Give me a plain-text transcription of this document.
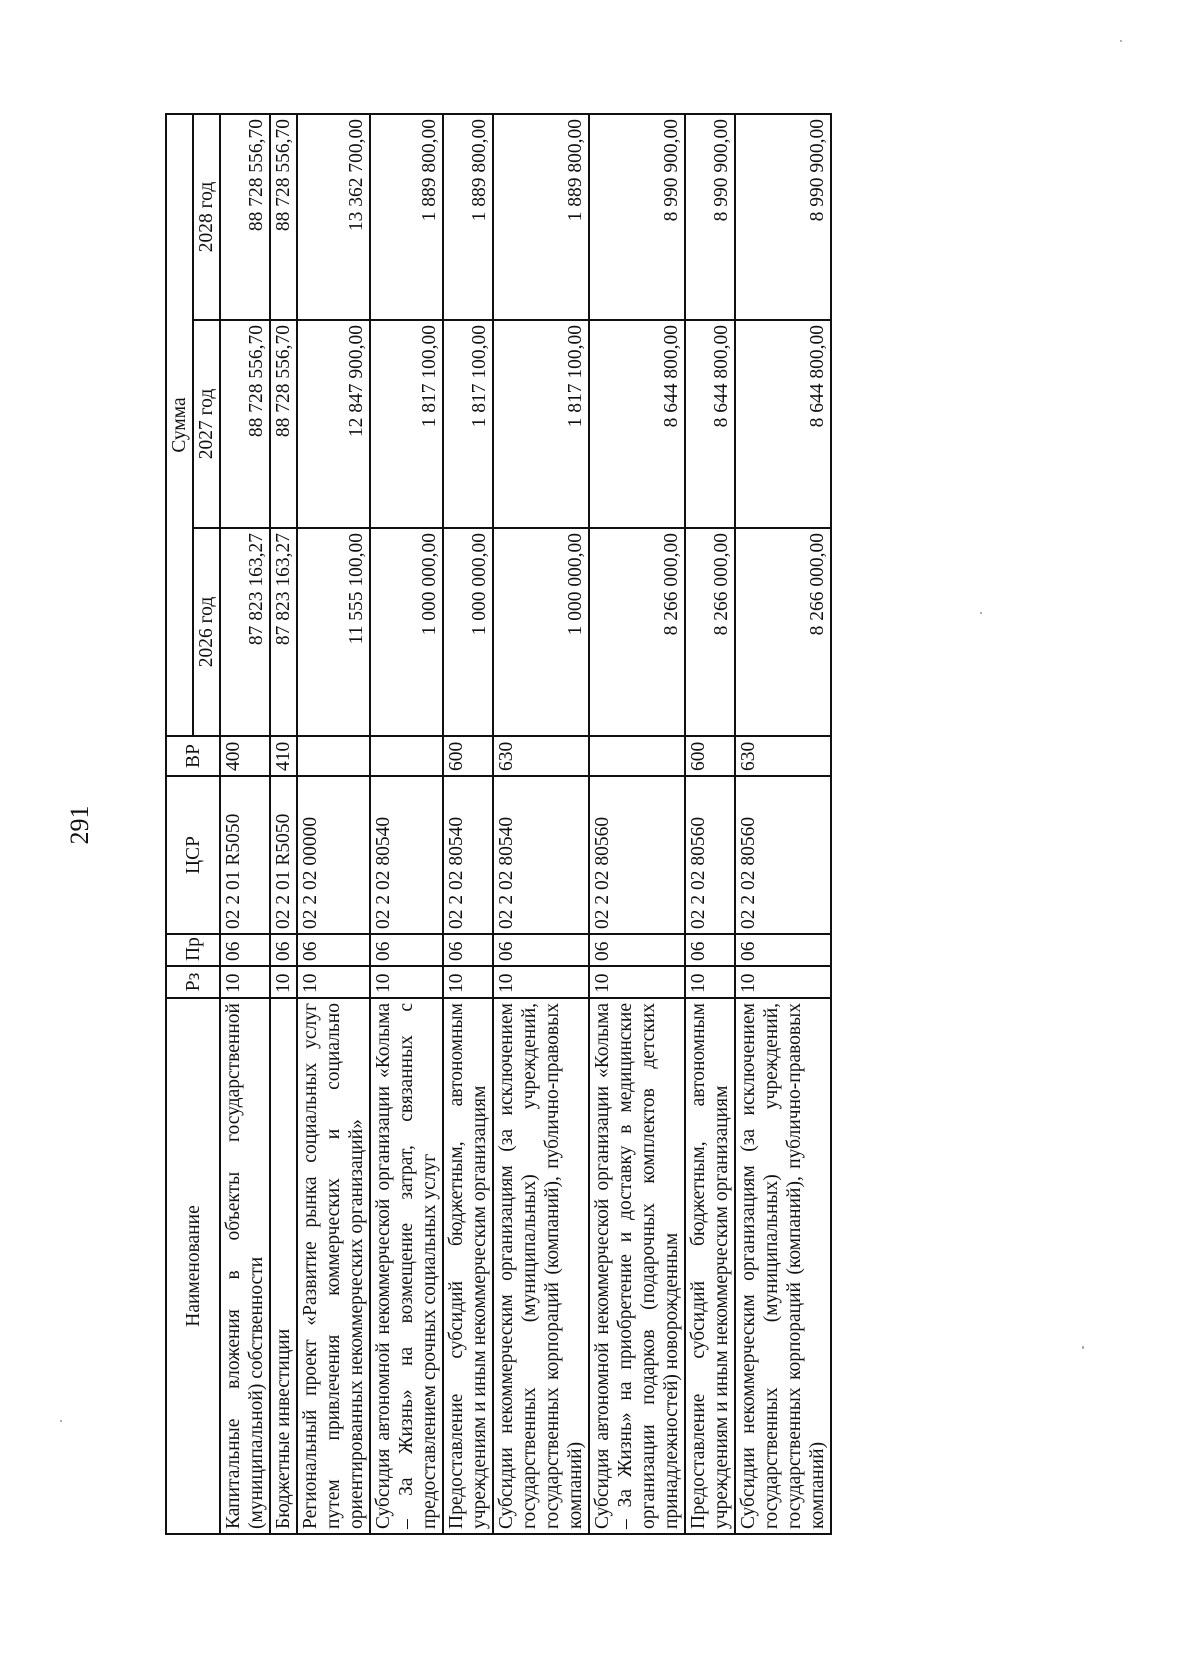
291
Наименование	Рз	Пр	ЦСР	ВР	Сумма		
					2026 год	2027 год	2028 год
Капитальные вложения в объекты государственной (муниципальной) собственности	10	06	02 2 01 R5050	400	87 823 163,27	88 728 556,70	88 728 556,70
Бюджетные инвестиции	10	06	02 2 01 R5050	410	87 823 163,27	88 728 556,70	88 728 556,70
Региональный проект «Развитие рынка социальных услуг путем привлечения коммерческих и социально ориентированных некоммерческих организаций»	10	06	02 2 02 00000		11 555 100,00	12 847 900,00	13 362 700,00
Субсидия автономной некоммерческой организации «Колыма – За Жизнь» на возмещение затрат, связанных с предоставлением срочных социальных услуг	10	06	02 2 02 80540		1 000 000,00	1 817 100,00	1 889 800,00
Предоставление субсидий бюджетным, автономным учреждениям и иным некоммерческим организациям	10	06	02 2 02 80540	600	1 000 000,00	1 817 100,00	1 889 800,00
Субсидии некоммерческим организациям (за исключением государственных (муниципальных) учреждений, государственных корпораций (компаний), публично-правовых компаний)	10	06	02 2 02 80540	630	1 000 000,00	1 817 100,00	1 889 800,00
Субсидия автономной некоммерческой организации «Колыма – За Жизнь» на приобретение и доставку в медицинские организации подарков (подарочных комплектов детских принадлежностей) новорожденным	10	06	02 2 02 80560		8 266 000,00	8 644 800,00	8 990 900,00
Предоставление субсидий бюджетным, автономным учреждениям и иным некоммерческим организациям	10	06	02 2 02 80560	600	8 266 000,00	8 644 800,00	8 990 900,00
Субсидии некоммерческим организациям (за исключением государственных (муниципальных) учреждений, государственных корпораций (компаний), публично-правовых компаний)	10	06	02 2 02 80560	630	8 266 000,00	8 644 800,00	8 990 900,00
